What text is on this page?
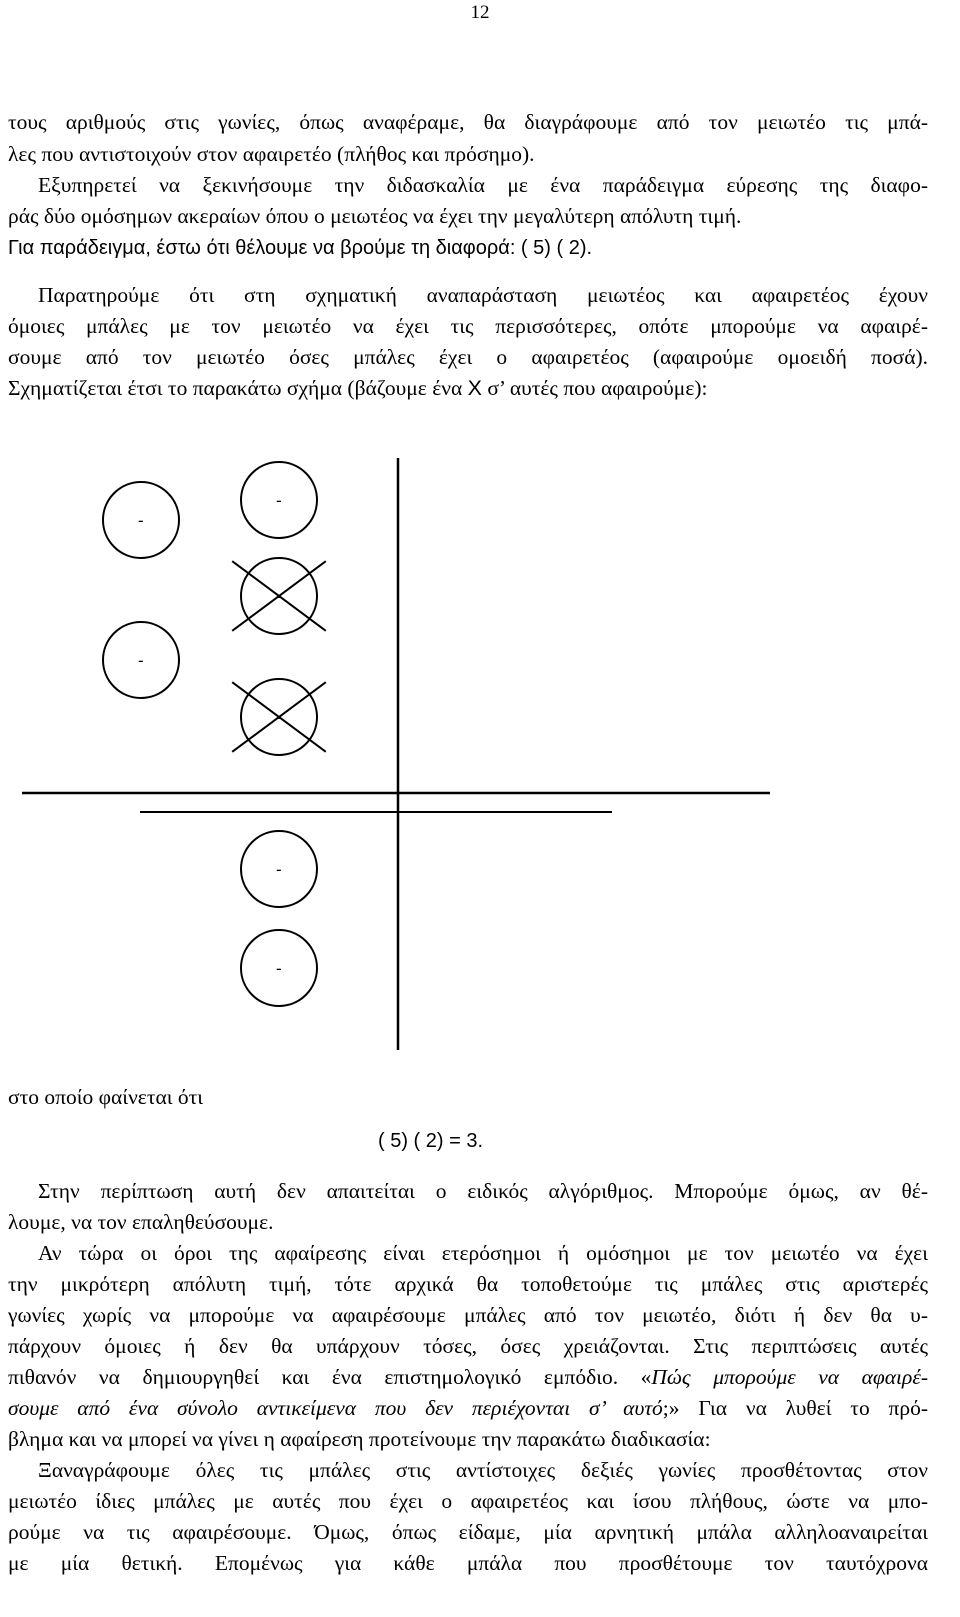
12
τους αριθμούς στις γωνίες, όπως αναφέραμε, θα διαγράφουμε από τον μειωτέο τις μπά-
λες που αντιστοιχούν στον αφαιρετέο (πλήθος και πρόσημο).
Εξυπηρετεί να ξεκινήσουμε την διδασκαλία με ένα παράδειγμα εύρεσης της διαφο-
ράς δύο ομόσημων ακεραίων όπου ο μειωτέος να έχει την μεγαλύτερη απόλυτη τιμή.
Για παράδειγμα, έστω ότι θέλουμε να βρούμε τη διαφορά: ( 5) ( 2).
Παρατηρούμε ότι στη σχηματική αναπαράσταση μειωτέος και αφαιρετέος έχουν
όμοιες μπάλες με τον μειωτέο να έχει τις περισσότερες, οπότε μπορούμε να αφαιρέ-
σουμε από τον μειωτέο όσες μπάλες έχει ο αφαιρετέος (αφαιρούμε ομοειδή ποσά).
Σχηματίζεται έτσι το παρακάτω σχήμα (βάζουμε ένα X σ’ αυτές που αφαιρούμε):
-
-
-
-
-
-
-
στο οποίο φαίνεται ότι
( 5) ( 2) = 3.
Στην περίπτωση αυτή δεν απαιτείται ο ειδικός αλγόριθμος. Μπορούμε όμως, αν θέ-
λουμε, να τον επαληθεύσουμε.
Αν τώρα οι όροι της αφαίρεσης είναι ετερόσημοι ή ομόσημοι με τον μειωτέο να έχει
την μικρότερη απόλυτη τιμή, τότε αρχικά θα τοποθετούμε τις μπάλες στις αριστερές
γωνίες χωρίς να μπορούμε να αφαιρέσουμε μπάλες από τον μειωτέο, διότι ή δεν θα υ-
πάρχουν όμοιες ή δεν θα υπάρχουν τόσες, όσες χρειάζονται. Στις περιπτώσεις αυτές
πιθανόν να δημιουργηθεί και ένα επιστημολογικό εμπόδιο. «Πώς μπορούμε να αφαιρέ-
σουμε από ένα σύνολο αντικείμενα που δεν περιέχονται σ’ αυτό;» Για να λυθεί το πρό-
βλημα και να μπορεί να γίνει η αφαίρεση προτείνουμε την παρακάτω διαδικασία:
Ξαναγράφουμε όλες τις μπάλες στις αντίστοιχες δεξιές γωνίες προσθέτοντας στον
μειωτέο ίδιες μπάλες με αυτές που έχει ο αφαιρετέος και ίσου πλήθους, ώστε να μπο-
ρούμε να τις αφαιρέσουμε. Όμως, όπως είδαμε, μία αρνητική μπάλα αλληλοαναιρείται
με μία θετική. Επομένως για κάθε μπάλα που προσθέτουμε τον ταυτόχρονα
